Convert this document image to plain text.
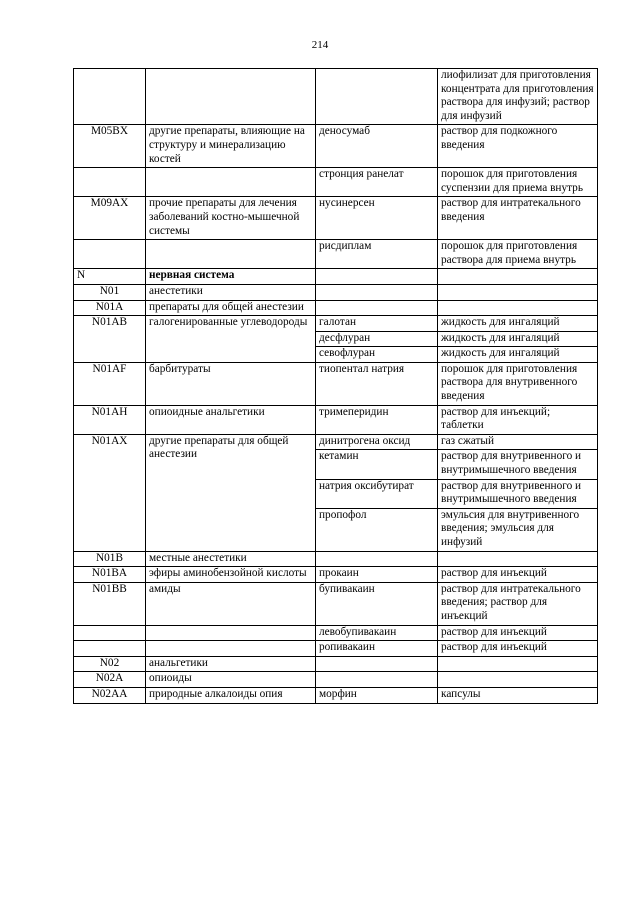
214
			лиофилизат для приготовления концентрата для приготовления раствора для инфузий; раствор для инфузий
M05BX	другие препараты, влияющие на структуру и минерализацию костей	деносумаб	раствор для подкожного введения
		стронция ранелат	порошок для приготовления суспензии для приема внутрь
M09AX	прочие препараты для лечения заболеваний костно-мышечной системы	нусинерсен	раствор для интратекального введения
		рисдиплам	порошок для приготовления раствора для приема внутрь
N	нервная система		
N01	анестетики		
N01A	препараты для общей анестезии		
N01AB	галогенированные углеводороды	галотан	жидкость для ингаляций
		десфлуран	жидкость для ингаляций
		севофлуран	жидкость для ингаляций
N01AF	барбитураты	тиопентал натрия	порошок для приготовления раствора для внутривенного введения
N01AH	опиоидные анальгетики	тримеперидин	раствор для инъекций; таблетки
N01AX	другие препараты для общей анестезии	динитрогена оксид	газ сжатый
		кетамин	раствор для внутривенного и внутримышечного введения
		натрия оксибутират	раствор для внутривенного и внутримышечного введения
		пропофол	эмульсия для внутривенного введения; эмульсия для инфузий
N01B	местные анестетики		
N01BA	эфиры аминобензойной кислоты	прокаин	раствор для инъекций
N01BB	амиды	бупивакаин	раствор для интратекального введения; раствор для инъекций
		левобупивакаин	раствор для инъекций
		ропивакаин	раствор для инъекций
N02	анальгетики		
N02A	опиоиды		
N02AA	природные алкалоиды опия	морфин	капсулы
